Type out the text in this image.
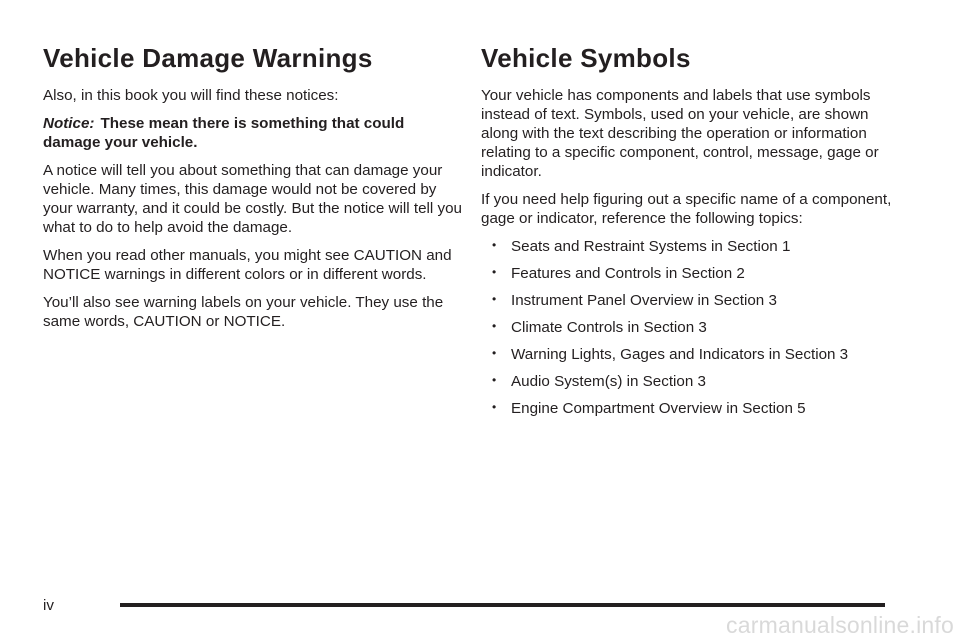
Vehicle Damage Warnings

Also, in this book you will find these notices:

Notice: These mean there is something that could damage your vehicle.

A notice will tell you about something that can damage your vehicle. Many times, this damage would not be covered by your warranty, and it could be costly. But the notice will tell you what to do to help avoid the damage.

When you read other manuals, you might see CAUTION and NOTICE warnings in different colors or in different words.

You’ll also see warning labels on your vehicle. They use the same words, CAUTION or NOTICE.

Vehicle Symbols

Your vehicle has components and labels that use symbols instead of text. Symbols, used on your vehicle, are shown along with the text describing the operation or information relating to a specific component, control, message, gage or indicator.

If you need help figuring out a specific name of a component, gage or indicator, reference the following topics:

• Seats and Restraint Systems in Section 1
• Features and Controls in Section 2
• Instrument Panel Overview in Section 3
• Climate Controls in Section 3
• Warning Lights, Gages and Indicators in Section 3
• Audio System(s) in Section 3
• Engine Compartment Overview in Section 5
iv
carmanualsonline.info
